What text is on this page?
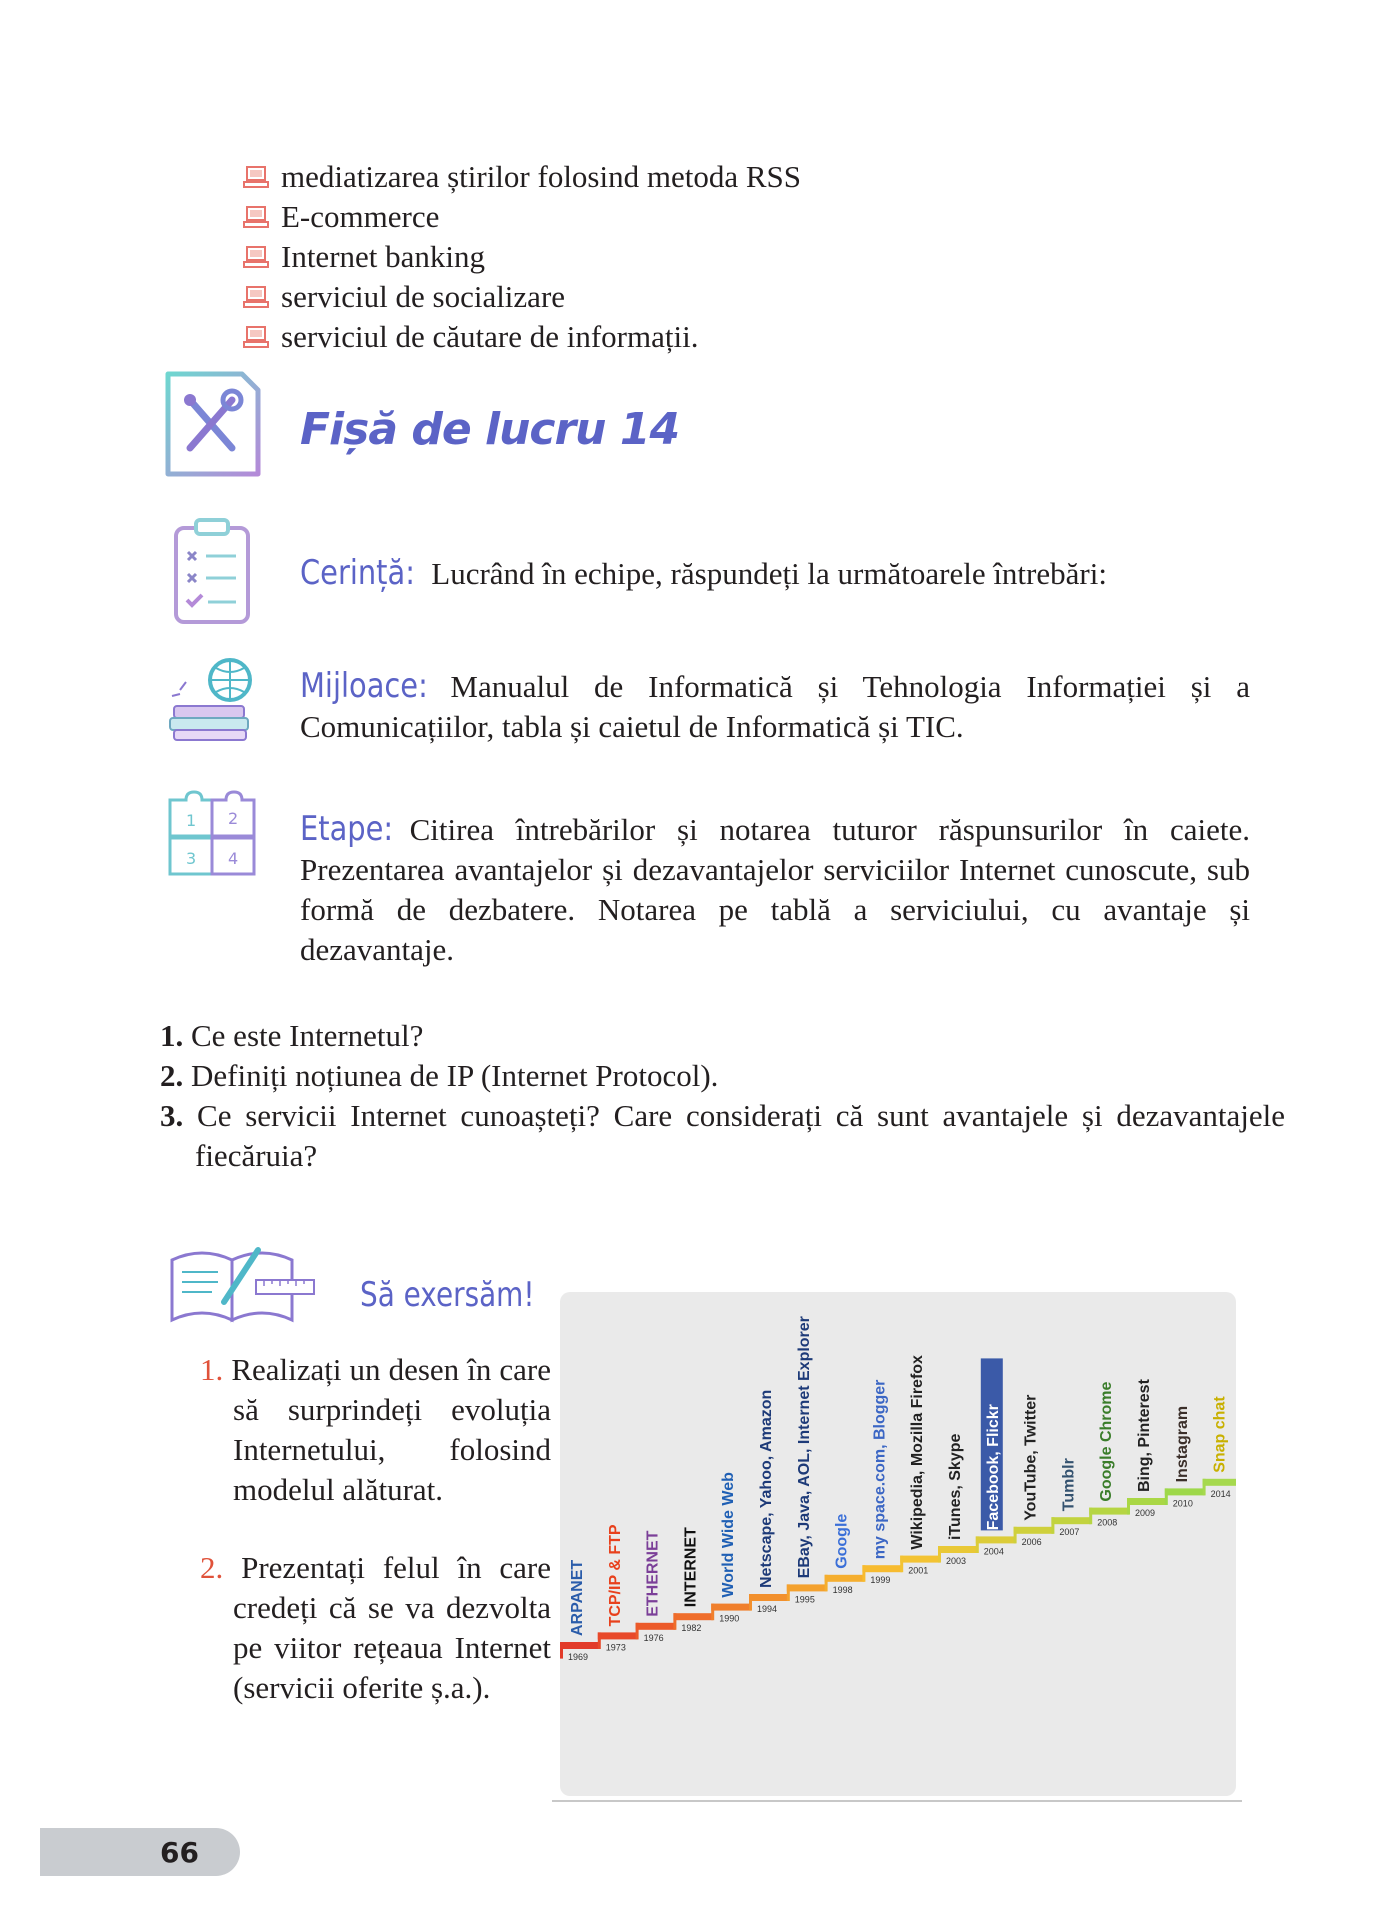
mediatizarea știrilor folosind metoda RSS
E-commerce
Internet banking
serviciul de socializare
serviciul de căutare de informații.
Fișă de lucru 14
Cerință: Lucrând în echipe, răspundeți la următoarele întrebări:
Mijloace: Manualul de Informatică și Tehnologia Informației și a Comunicațiilor, tabla și caietul de Informatică și TIC.
1 2
3 4
Etape: Citirea întrebărilor și notarea tuturor răspunsurilor în caiete. Prezentarea avantajelor și dezavantajelor serviciilor Internet cunoscute, sub formă de dezbatere. Notarea pe tablă a serviciului, cu avantaje și dezavantaje.
1. Ce este Internetul?
2. Definiți noțiunea de IP (Internet Protocol).
3. Ce servicii Internet cunoașteți? Care considerați că sunt avantajele și dezavantajele fiecăruia?
Să exersăm!
1. Realizați un desen în care să surprindeți evoluția Internetului, folosind modelul alăturat.
2. Prezentați felul în care credeți că se va dezvolta pe viitor rețeaua Internet (servicii oferite ș.a.).
1969
ARPANET
1973
TCP/IP & FTP
1976
ETHERNET
1982
INTERNET
1990
World Wide Web
1994
Netscape, Yahoo, Amazon
1995
EBay, Java, AOL, Internet Explorer
1998
Google
1999
my space.com, Blogger
2001
Wikipedia, Mozilla Firefox
2003
iTunes, Skype
2004
Facebook, Flickr
2006
YouTube, Twitter
2007
Tumblr
2008
Google Chrome
2009
Bing, Pinterest
2010
Instagram
2014
Snap chat
66
